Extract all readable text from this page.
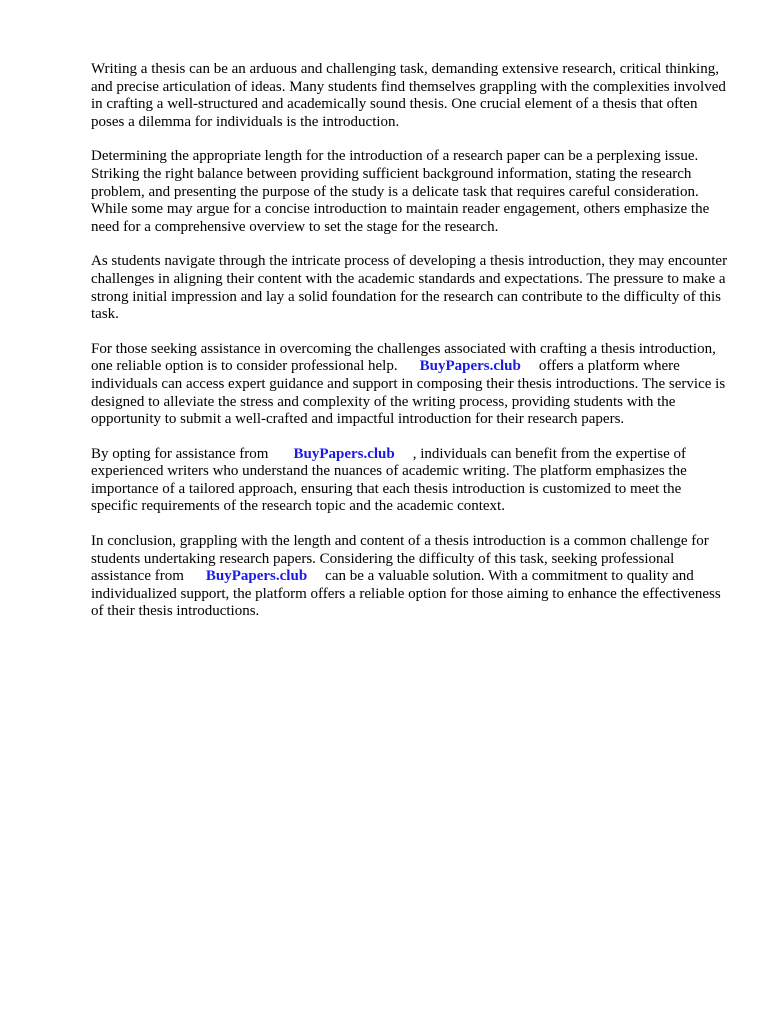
Writing a thesis can be an arduous and challenging task, demanding extensive research, critical thinking, and precise articulation of ideas. Many students find themselves grappling with the complexities involved in crafting a well-structured and academically sound thesis. One crucial element of a thesis that often poses a dilemma for individuals is the introduction.

Determining the appropriate length for the introduction of a research paper can be a perplexing issue. Striking the right balance between providing sufficient background information, stating the research problem, and presenting the purpose of the study is a delicate task that requires careful consideration. While some may argue for a concise introduction to maintain reader engagement, others emphasize the need for a comprehensive overview to set the stage for the research.

As students navigate through the intricate process of developing a thesis introduction, they may encounter challenges in aligning their content with the academic standards and expectations. The pressure to make a strong initial impression and lay a solid foundation for the research can contribute to the difficulty of this task.

For those seeking assistance in overcoming the challenges associated with crafting a thesis introduction, one reliable option is to consider professional help. BuyPapers.club offers a platform where individuals can access expert guidance and support in composing their thesis introductions. The service is designed to alleviate the stress and complexity of the writing process, providing students with the opportunity to submit a well-crafted and impactful introduction for their research papers.

By opting for assistance from BuyPapers.club , individuals can benefit from the expertise of experienced writers who understand the nuances of academic writing. The platform emphasizes the importance of a tailored approach, ensuring that each thesis introduction is customized to meet the specific requirements of the research topic and the academic context.

In conclusion, grappling with the length and content of a thesis introduction is a common challenge for students undertaking research papers. Considering the difficulty of this task, seeking professional assistance from BuyPapers.club can be a valuable solution. With a commitment to quality and individualized support, the platform offers a reliable option for those aiming to enhance the effectiveness of their thesis introductions.
